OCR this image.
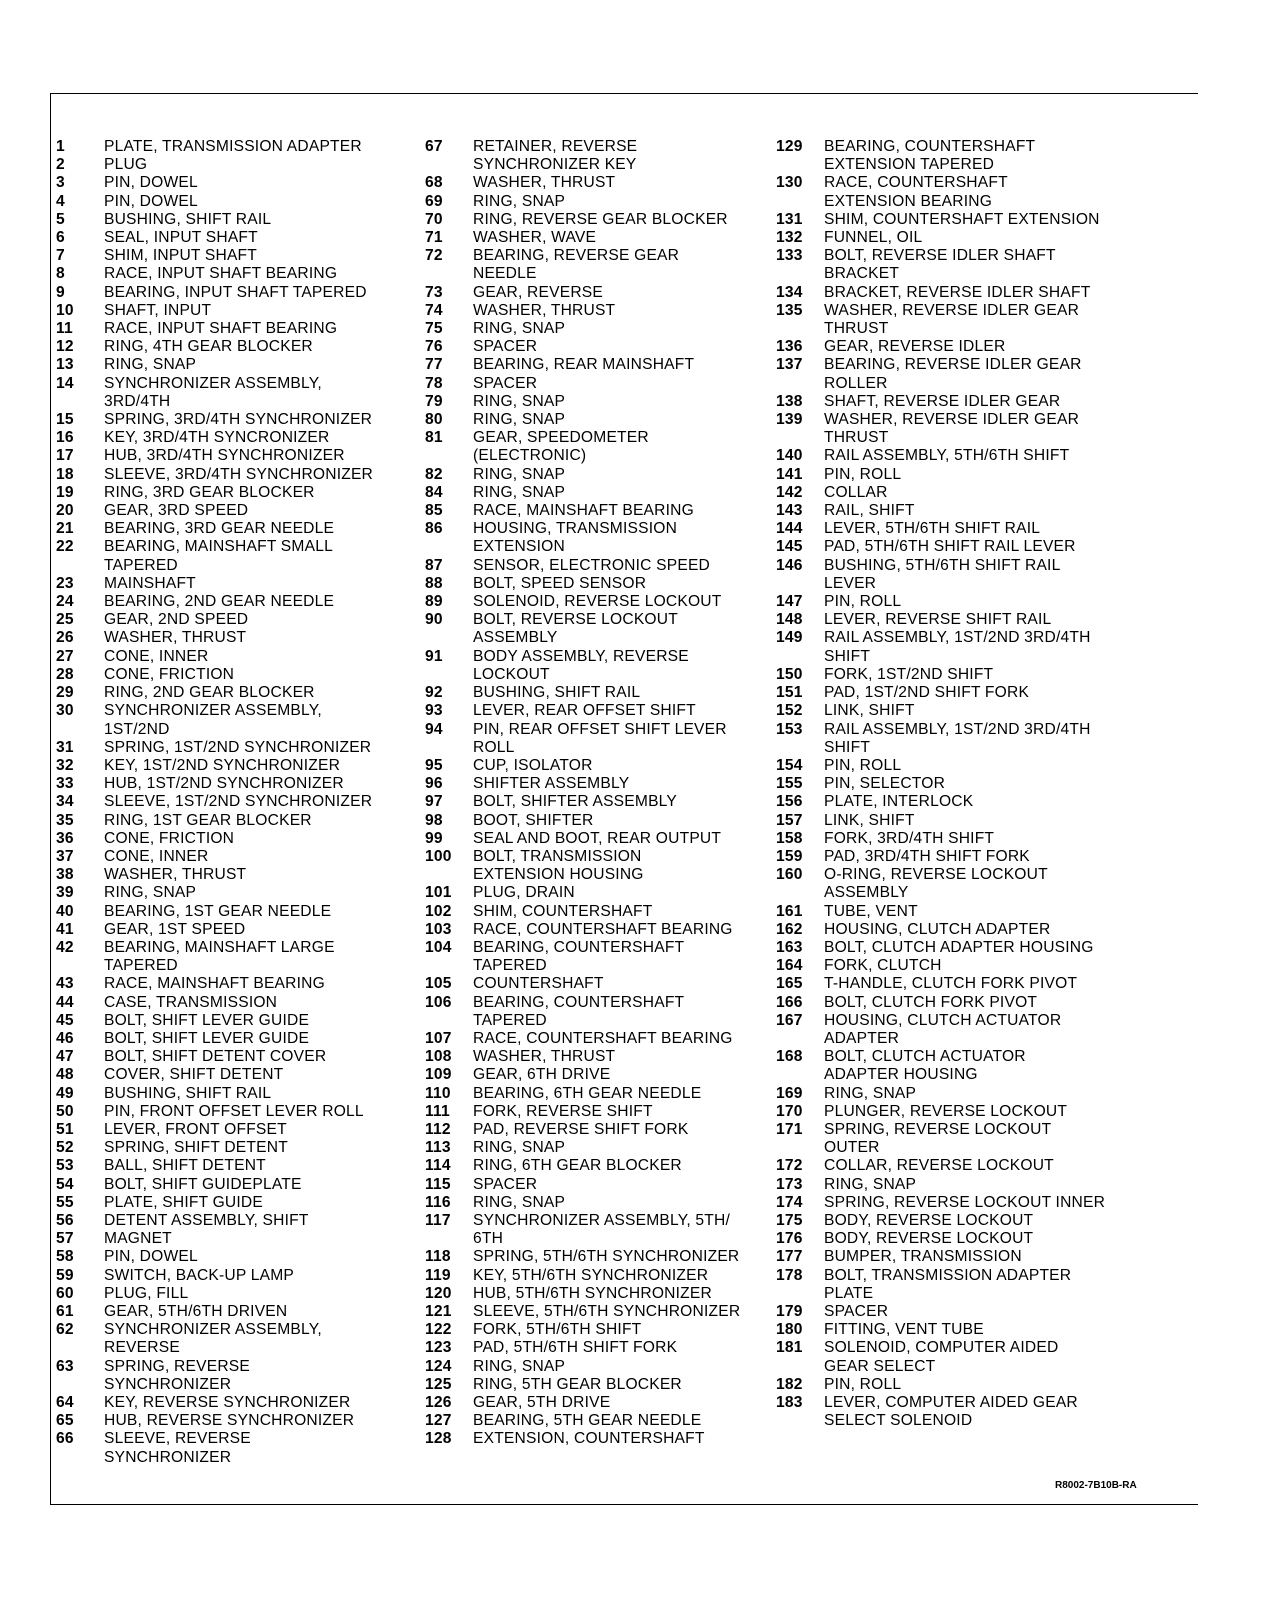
1	PLATE, TRANSMISSION ADAPTER
2	PLUG
3	PIN, DOWEL
4	PIN, DOWEL
5	BUSHING, SHIFT RAIL
6	SEAL, INPUT SHAFT
7	SHIM, INPUT SHAFT
8	RACE, INPUT SHAFT BEARING
9	BEARING, INPUT SHAFT TAPERED
10	SHAFT, INPUT
11	RACE, INPUT SHAFT BEARING
12	RING, 4TH GEAR BLOCKER
13	RING, SNAP
14	SYNCHRONIZER ASSEMBLY,
3RD/4TH
15	SPRING, 3RD/4TH SYNCHRONIZER
16	KEY, 3RD/4TH SYNCRONIZER
17	HUB, 3RD/4TH SYNCHRONIZER
18	SLEEVE, 3RD/4TH SYNCHRONIZER
19	RING, 3RD GEAR BLOCKER
20	GEAR, 3RD SPEED
21	BEARING, 3RD GEAR NEEDLE
22	BEARING, MAINSHAFT SMALL
TAPERED
23	MAINSHAFT
24	BEARING, 2ND GEAR NEEDLE
25	GEAR, 2ND SPEED
26	WASHER, THRUST
27	CONE, INNER
28	CONE, FRICTION
29	RING, 2ND GEAR BLOCKER
30	SYNCHRONIZER ASSEMBLY,
1ST/2ND
31	SPRING, 1ST/2ND SYNCHRONIZER
32	KEY, 1ST/2ND SYNCHRONIZER
33	HUB, 1ST/2ND SYNCHRONIZER
34	SLEEVE, 1ST/2ND SYNCHRONIZER
35	RING, 1ST GEAR BLOCKER
36	CONE, FRICTION
37	CONE, INNER
38	WASHER, THRUST
39	RING, SNAP
40	BEARING, 1ST GEAR NEEDLE
41	GEAR, 1ST SPEED
42	BEARING, MAINSHAFT LARGE
TAPERED
43	RACE, MAINSHAFT BEARING
44	CASE, TRANSMISSION
45	BOLT, SHIFT LEVER GUIDE
46	BOLT, SHIFT LEVER GUIDE
47	BOLT, SHIFT DETENT COVER
48	COVER, SHIFT DETENT
49	BUSHING, SHIFT RAIL
50	PIN, FRONT OFFSET LEVER ROLL
51	LEVER, FRONT OFFSET
52	SPRING, SHIFT DETENT
53	BALL, SHIFT DETENT
54	BOLT, SHIFT GUIDEPLATE
55	PLATE, SHIFT GUIDE
56	DETENT ASSEMBLY, SHIFT
57	MAGNET
58	PIN, DOWEL
59	SWITCH, BACK-UP LAMP
60	PLUG, FILL
61	GEAR, 5TH/6TH DRIVEN
62	SYNCHRONIZER ASSEMBLY,
REVERSE
63	SPRING, REVERSE
SYNCHRONIZER
64	KEY, REVERSE SYNCHRONIZER
65	HUB, REVERSE SYNCHRONIZER
66	SLEEVE, REVERSE
SYNCHRONIZER
67	RETAINER, REVERSE
SYNCHRONIZER KEY
68	WASHER, THRUST
69	RING, SNAP
70	RING, REVERSE GEAR BLOCKER
71	WASHER, WAVE
72	BEARING, REVERSE GEAR
NEEDLE
73	GEAR, REVERSE
74	WASHER, THRUST
75	RING, SNAP
76	SPACER
77	BEARING, REAR MAINSHAFT
78	SPACER
79	RING, SNAP
80	RING, SNAP
81	GEAR, SPEEDOMETER
(ELECTRONIC)
82	RING, SNAP
84	RING, SNAP
85	RACE, MAINSHAFT BEARING
86	HOUSING, TRANSMISSION
EXTENSION
87	SENSOR, ELECTRONIC SPEED
88	BOLT, SPEED SENSOR
89	SOLENOID, REVERSE LOCKOUT
90	BOLT, REVERSE LOCKOUT
ASSEMBLY
91	BODY ASSEMBLY, REVERSE
LOCKOUT
92	BUSHING, SHIFT RAIL
93	LEVER, REAR OFFSET SHIFT
94	PIN, REAR OFFSET SHIFT LEVER
ROLL
95	CUP, ISOLATOR
96	SHIFTER ASSEMBLY
97	BOLT, SHIFTER ASSEMBLY
98	BOOT, SHIFTER
99	SEAL AND BOOT, REAR OUTPUT
100	BOLT, TRANSMISSION
EXTENSION HOUSING
101	PLUG, DRAIN
102	SHIM, COUNTERSHAFT
103	RACE, COUNTERSHAFT BEARING
104	BEARING, COUNTERSHAFT
TAPERED
105	COUNTERSHAFT
106	BEARING, COUNTERSHAFT
TAPERED
107	RACE, COUNTERSHAFT BEARING
108	WASHER, THRUST
109	GEAR, 6TH DRIVE
110	BEARING, 6TH GEAR NEEDLE
111	FORK, REVERSE SHIFT
112	PAD, REVERSE SHIFT FORK
113	RING, SNAP
114	RING, 6TH GEAR BLOCKER
115	SPACER
116	RING, SNAP
117	SYNCHRONIZER ASSEMBLY, 5TH/
6TH
118	SPRING, 5TH/6TH SYNCHRONIZER
119	KEY, 5TH/6TH SYNCHRONIZER
120	HUB, 5TH/6TH SYNCHRONIZER
121	SLEEVE, 5TH/6TH SYNCHRONIZER
122	FORK, 5TH/6TH SHIFT
123	PAD, 5TH/6TH SHIFT FORK
124	RING, SNAP
125	RING, 5TH GEAR BLOCKER
126	GEAR, 5TH DRIVE
127	BEARING, 5TH GEAR NEEDLE
128	EXTENSION, COUNTERSHAFT
129	BEARING, COUNTERSHAFT
EXTENSION TAPERED
130	RACE, COUNTERSHAFT
EXTENSION BEARING
131	SHIM, COUNTERSHAFT EXTENSION
132	FUNNEL, OIL
133	BOLT, REVERSE IDLER SHAFT
BRACKET
134	BRACKET, REVERSE IDLER SHAFT
135	WASHER, REVERSE IDLER GEAR
THRUST
136	GEAR, REVERSE IDLER
137	BEARING, REVERSE IDLER GEAR
ROLLER
138	SHAFT, REVERSE IDLER GEAR
139	WASHER, REVERSE IDLER GEAR
THRUST
140	RAIL ASSEMBLY, 5TH/6TH SHIFT
141	PIN, ROLL
142	COLLAR
143	RAIL, SHIFT
144	LEVER, 5TH/6TH SHIFT RAIL
145	PAD, 5TH/6TH SHIFT RAIL LEVER
146	BUSHING, 5TH/6TH SHIFT RAIL
LEVER
147	PIN, ROLL
148	LEVER, REVERSE SHIFT RAIL
149	RAIL ASSEMBLY, 1ST/2ND 3RD/4TH
SHIFT
150	FORK, 1ST/2ND SHIFT
151	PAD, 1ST/2ND SHIFT FORK
152	LINK, SHIFT
153	RAIL ASSEMBLY, 1ST/2ND 3RD/4TH
SHIFT
154	PIN, ROLL
155	PIN, SELECTOR
156	PLATE, INTERLOCK
157	LINK, SHIFT
158	FORK, 3RD/4TH SHIFT
159	PAD, 3RD/4TH SHIFT FORK
160	O-RING, REVERSE LOCKOUT
ASSEMBLY
161	TUBE, VENT
162	HOUSING, CLUTCH ADAPTER
163	BOLT, CLUTCH ADAPTER HOUSING
164	FORK, CLUTCH
165	T-HANDLE, CLUTCH FORK PIVOT
166	BOLT, CLUTCH FORK PIVOT
167	HOUSING, CLUTCH ACTUATOR
ADAPTER
168	BOLT, CLUTCH ACTUATOR
ADAPTER HOUSING
169	RING, SNAP
170	PLUNGER, REVERSE LOCKOUT
171	SPRING, REVERSE LOCKOUT
OUTER
172	COLLAR, REVERSE LOCKOUT
173	RING, SNAP
174	SPRING, REVERSE LOCKOUT INNER
175	BODY, REVERSE LOCKOUT
176	BODY, REVERSE LOCKOUT
177	BUMPER, TRANSMISSION
178	BOLT, TRANSMISSION ADAPTER
PLATE
179	SPACER
180	FITTING, VENT TUBE
181	SOLENOID, COMPUTER AIDED
GEAR SELECT
182	PIN, ROLL
183	LEVER, COMPUTER AIDED GEAR
SELECT SOLENOID
R8002-7B10B-RA
